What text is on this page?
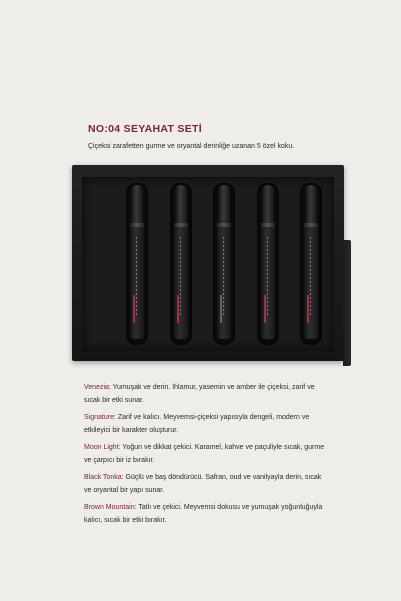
NO:04 SEYAHAT SETİ
Çiçeksi zarafetten gurme ve oryantal derinliğe uzanan 5 özel koku.

Venezia: Yumuşak ve derin. Ihlamur, yasemin ve amber ile çiçeksi, zarif ve sıcak bir etki sunar.

Signature: Zarif ve kalıcı. Meyvemsi-çiçeksi yapısıyla dengeli, modern ve etkileyici bir karakter oluşturur.

Moon Light: Yoğun ve dikkat çekici. Karamel, kahve ve paçuliyle sıcak, gurme ve çarpıcı bir iz bırakır.

Black Tonka: Güçlü ve baş döndürücü. Safran, oud ve vanilyayla derin, sıcak ve oryantal bir yapı sunar.

Brown Mountain: Tatlı ve çekici. Meyvemsi dokusu ve yumuşak yoğunluğuyla kalıcı, sıcak bir etki bırakır.
